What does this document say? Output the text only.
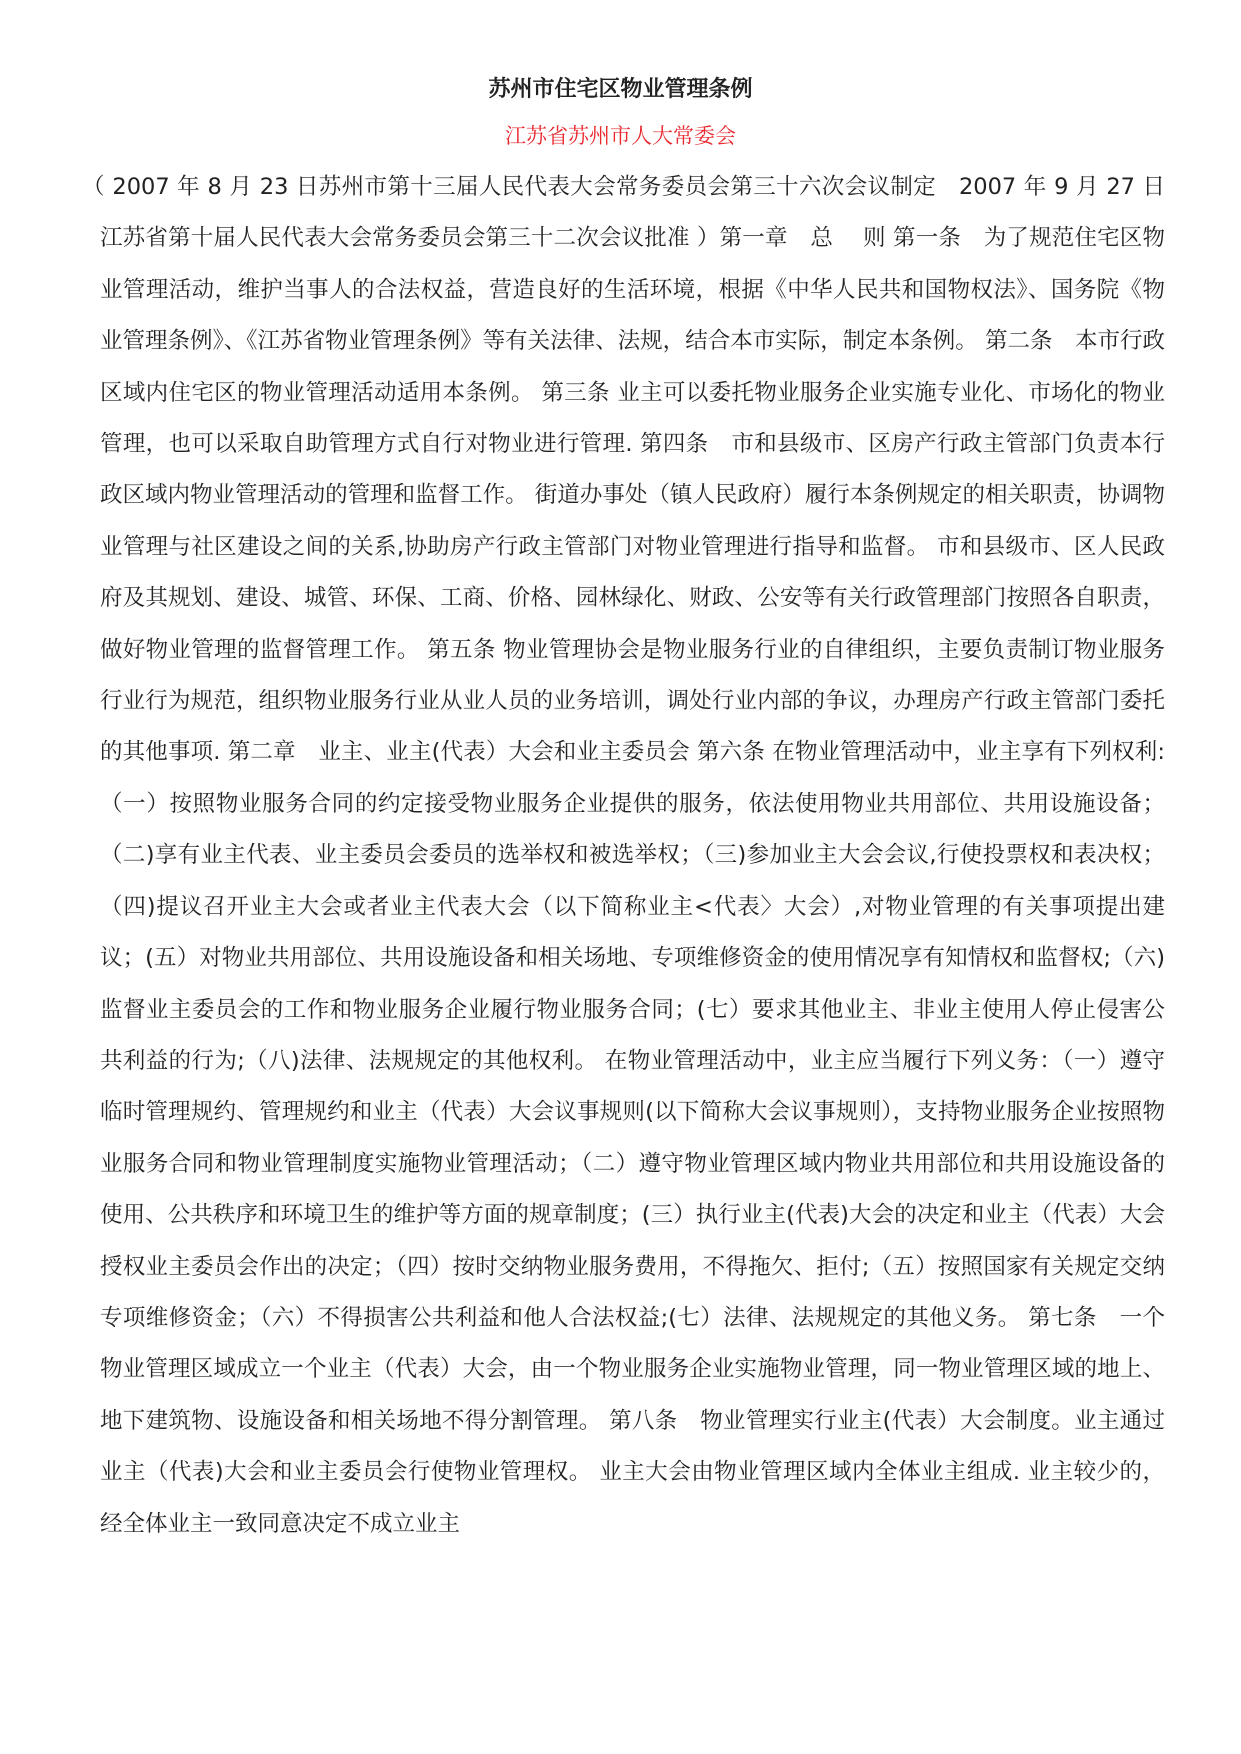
苏州市住宅区物业管理条例
江苏省苏州市人大常委会

（ 2007 年 8 月 23 日苏州市第十三届人民代表大会常务委员会第三十六次会议制定　2007 年 9 月 27 日江苏省第十届人民代表大会常务委员会第三十二次会议批准 ）第一章　总　 则 第一条　为了规范住宅区物业管理活动，维护当事人的合法权益，营造良好的生活环境，根据《中华人民共和国物权法》、国务院《物业管理条例》、《江苏省物业管理条例》等有关法律、法规，结合本市实际，制定本条例。 第二条　本市行政区域内住宅区的物业管理活动适用本条例。 第三条 业主可以委托物业服务企业实施专业化、市场化的物业管理，也可以采取自助管理方式自行对物业进行管理. 第四条　市和县级市、区房产行政主管部门负责本行政区域内物业管理活动的管理和监督工作。 街道办事处（镇人民政府）履行本条例规定的相关职责，协调物业管理与社区建设之间的关系,协助房产行政主管部门对物业管理进行指导和监督。 市和县级市、区人民政府及其规划、建设、城管、环保、工商、价格、园林绿化、财政、公安等有关行政管理部门按照各自职责，做好物业管理的监督管理工作。 第五条 物业管理协会是物业服务行业的自律组织，主要负责制订物业服务行业行为规范，组织物业服务行业从业人员的业务培训，调处行业内部的争议，办理房产行政主管部门委托的其他事项. 第二章　业主、业主(代表）大会和业主委员会 第六条 在物业管理活动中，业主享有下列权利:（一）按照物业服务合同的约定接受物业服务企业提供的服务，依法使用物业共用部位、共用设施设备；（二)享有业主代表、业主委员会委员的选举权和被选举权；（三)参加业主大会会议,行使投票权和表决权；（四)提议召开业主大会或者业主代表大会（以下简称业主<代表〉大会）,对物业管理的有关事项提出建议；(五）对物业共用部位、共用设施设备和相关场地、专项维修资金的使用情况享有知情权和监督权;（六)监督业主委员会的工作和物业服务企业履行物业服务合同；(七）要求其他业主、非业主使用人停止侵害公共利益的行为;（八)法律、法规规定的其他权利。 在物业管理活动中，业主应当履行下列义务：（一）遵守临时管理规约、管理规约和业主（代表）大会议事规则(以下简称大会议事规则），支持物业服务企业按照物业服务合同和物业管理制度实施物业管理活动；（二）遵守物业管理区域内物业共用部位和共用设施设备的使用、公共秩序和环境卫生的维护等方面的规章制度；(三）执行业主(代表)大会的决定和业主（代表）大会授权业主委员会作出的决定；（四）按时交纳物业服务费用，不得拖欠、拒付;（五）按照国家有关规定交纳专项维修资金；（六）不得损害公共利益和他人合法权益;(七）法律、法规规定的其他义务。 第七条　一个物业管理区域成立一个业主（代表）大会，由一个物业服务企业实施物业管理，同一物业管理区域的地上、地下建筑物、设施设备和相关场地不得分割管理。 第八条　物业管理实行业主(代表）大会制度。业主通过业主（代表)大会和业主委员会行使物业管理权。 业主大会由物业管理区域内全体业主组成. 业主较少的，经全体业主一致同意决定不成立业主
